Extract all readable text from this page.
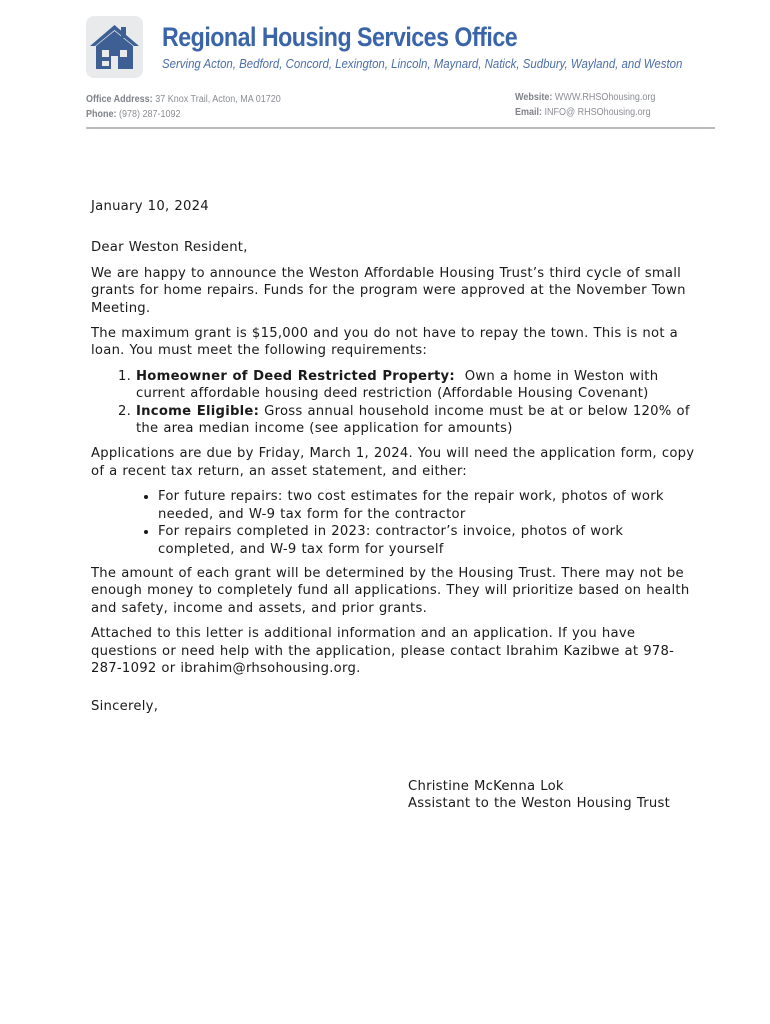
Regional Housing Services Office
Serving Acton, Bedford, Concord, Lexington, Lincoln, Maynard, Natick, Sudbury, Wayland, and Weston
Office Address: 37 Knox Trail, Acton, MA 01720
Phone: (978) 287-1092
Website: WWW.RHSOhousing.org
Email: INFO@ RHSOhousing.org

January 10, 2024

Dear Weston Resident,

We are happy to announce the Weston Affordable Housing Trust’s third cycle of small grants for home repairs. Funds for the program were approved at the November Town Meeting.

The maximum grant is $15,000 and you do not have to repay the town. This is not a loan. You must meet the following requirements:

1. Homeowner of Deed Restricted Property: Own a home in Weston with current affordable housing deed restriction (Affordable Housing Covenant)
2. Income Eligible: Gross annual household income must be at or below 120% of the area median income (see application for amounts)

Applications are due by Friday, March 1, 2024. You will need the application form, copy of a recent tax return, an asset statement, and either:

• For future repairs: two cost estimates for the repair work, photos of work needed, and W-9 tax form for the contractor
• For repairs completed in 2023: contractor’s invoice, photos of work completed, and W-9 tax form for yourself

The amount of each grant will be determined by the Housing Trust. There may not be enough money to completely fund all applications. They will prioritize based on health and safety, income and assets, and prior grants.

Attached to this letter is additional information and an application. If you have questions or need help with the application, please contact Ibrahim Kazibwe at 978-287-1092 or ibrahim@rhsohousing.org.

Sincerely,

Christine McKenna Lok
Assistant to the Weston Housing Trust
